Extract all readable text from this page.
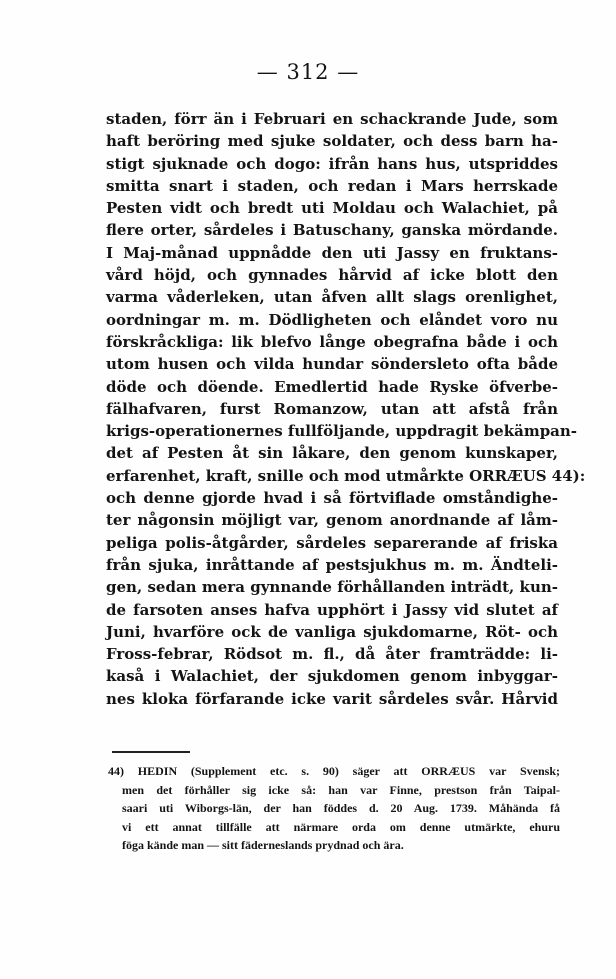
— 312 —
staden, förr än i Februari en schackrande Jude, som
haft beröring med sjuke soldater, och dess barn ha-
stigt sjuknade och dogo: ifrån hans hus, utspriddes
smitta snart i staden, och redan i Mars herrskade
Pesten vidt och bredt uti Moldau och Walachiet, på
flere orter, sårdeles i Batuschany, ganska mördande.
I Maj-månad uppnådde den uti Jassy en fruktans-
vård höjd, och gynnades hårvid af icke blott den
varma våderleken, utan åfven allt slags orenlighet,
oordningar m. m. Dödligheten och elåndet voro nu
förskråckliga: lik blefvo långe obegrafna både i och
utom husen och vilda hundar söndersleto ofta både
döde och döende. Emedlertid hade Ryske öfverbe-
fälhafvaren, furst Romanzow, utan att afstå från
krigs-operationernes fullföljande, uppdragit bekämpan-
det af Pesten åt sin låkare, den genom kunskaper,
erfarenhet, kraft, snille och mod utmårkte ORRÆUS 44):
och denne gjorde hvad i så förtviflade omståndighe-
ter någonsin möjligt var, genom anordnande af låm-
peliga polis-åtgårder, sårdeles separerande af friska
från sjuka, inråttande af pestsjukhus m. m. Ändteli-
gen, sedan mera gynnande förhållanden inträdt, kun-
de farsoten anses hafva upphört i Jassy vid slutet af
Juni, hvarföre ock de vanliga sjukdomarne, Röt- och
Fross-febrar, Rödsot m. fl., då åter framträdde: li-
kaså i Walachiet, der sjukdomen genom inbyggar-
nes kloka förfarande icke varit sårdeles svår. Hårvid
44) HEDIN (Supplement etc. s. 90) säger att ORRÆUS var Svensk;
men det förhåller sig icke så: han var Finne, prestson från Taipal-
saari uti Wiborgs-län, der han föddes d. 20 Aug. 1739. Måhända få
vi ett annat tillfälle att närmare orda om denne utmärkte, ehuru
föga kände man — sitt fäderneslands prydnad och ära.
